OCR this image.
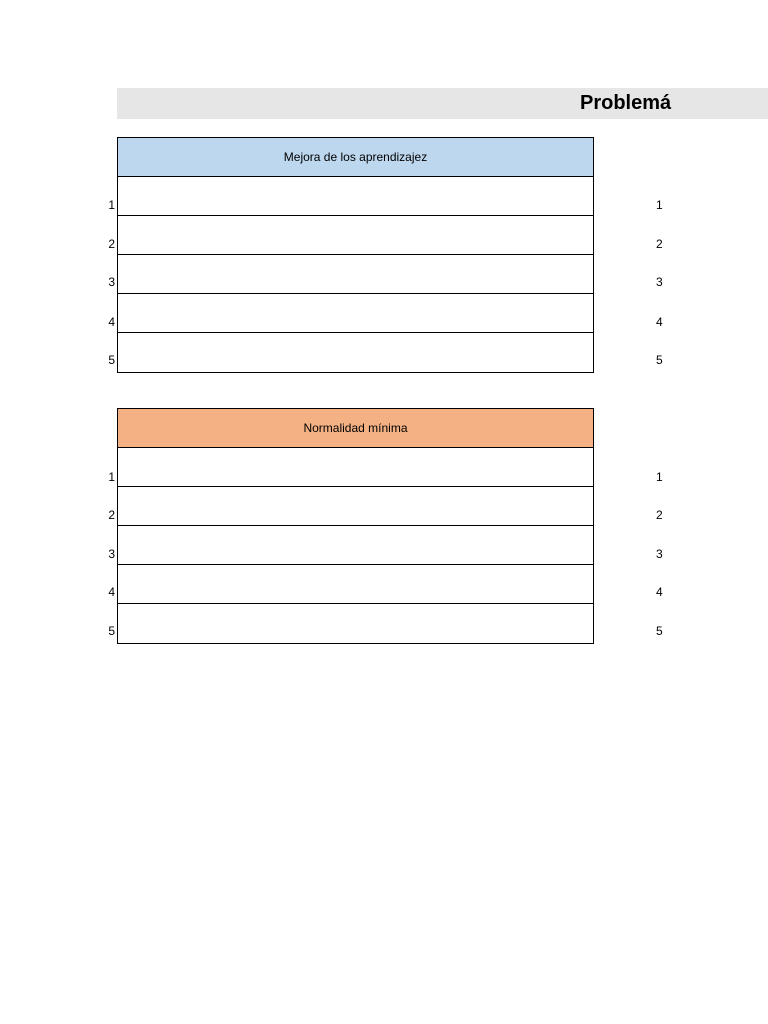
Problemá
Mejora de los aprendizajez
1
2
3
4
5
1
2
3
4
5
Normalidad mínima
1
2
3
4
5
1
2
3
4
5
